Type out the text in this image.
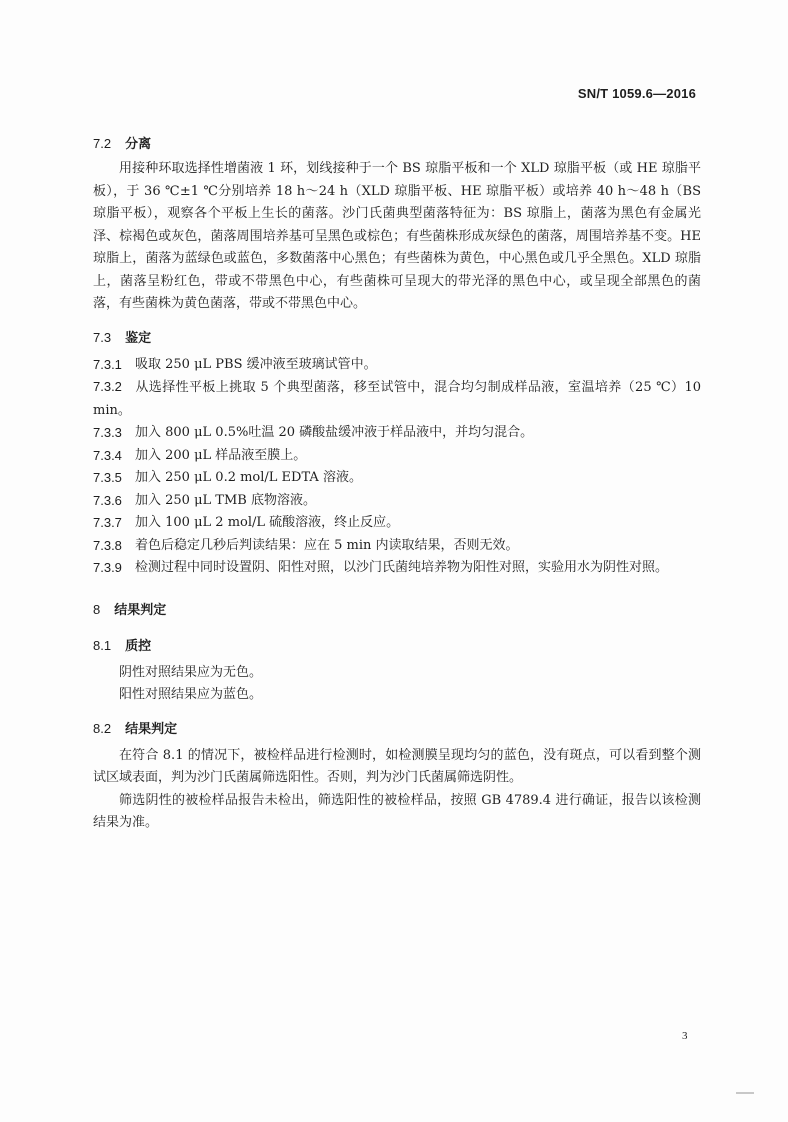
SN/T 1059.6—2016
7.2 分离

用接种环取选择性增菌液 1 环，划线接种于一个 BS 琼脂平板和一个 XLD 琼脂平板（或 HE 琼脂平板），于 36 ℃±1 ℃分别培养 18 h～24 h（XLD 琼脂平板、HE 琼脂平板）或培养 40 h～48 h（BS 琼脂平板），观察各个平板上生长的菌落。沙门氏菌典型菌落特征为：BS 琼脂上，菌落为黑色有金属光泽、棕褐色或灰色，菌落周围培养基可呈黑色或棕色；有些菌株形成灰绿色的菌落，周围培养基不变。HE 琼脂上，菌落为蓝绿色或蓝色，多数菌落中心黑色；有些菌株为黄色，中心黑色或几乎全黑色。XLD 琼脂上，菌落呈粉红色，带或不带黑色中心，有些菌株可呈现大的带光泽的黑色中心，或呈现全部黑色的菌落，有些菌株为黄色菌落，带或不带黑色中心。

7.3 鉴定
7.3.1	吸取 250 μL PBS 缓冲液至玻璃试管中。
7.3.2 从选择性平板上挑取 5 个典型菌落，移至试管中，混合均匀制成样品液，室温培养（25 ℃）10 min。
7.3.3	加入 800 μL 0.5%吐温 20 磷酸盐缓冲液于样品液中，并均匀混合。
7.3.4	加入 200 μL 样品液至膜上。
7.3.5	加入 250 μL 0.2 mol/L EDTA 溶液。
7.3.6	加入 250 μL TMB 底物溶液。
7.3.7	加入 100 μL 2 mol/L 硫酸溶液，终止反应。
7.3.8	着色后稳定几秒后判读结果：应在 5 min 内读取结果，否则无效。
7.3.9	检测过程中同时设置阴、阳性对照，以沙门氏菌纯培养物为阳性对照，实验用水为阴性对照。
8 结果判定
8.1 质控

阴性对照结果应为无色。

阳性对照结果应为蓝色。

8.2 结果判定

在符合 8.1 的情况下，被检样品进行检测时，如检测膜呈现均匀的蓝色，没有斑点，可以看到整个测试区域表面，判为沙门氏菌属筛选阳性。否则，判为沙门氏菌属筛选阴性。

筛选阴性的被检样品报告未检出，筛选阳性的被检样品，按照 GB 4789.4 进行确证，报告以该检测结果为准。

3
